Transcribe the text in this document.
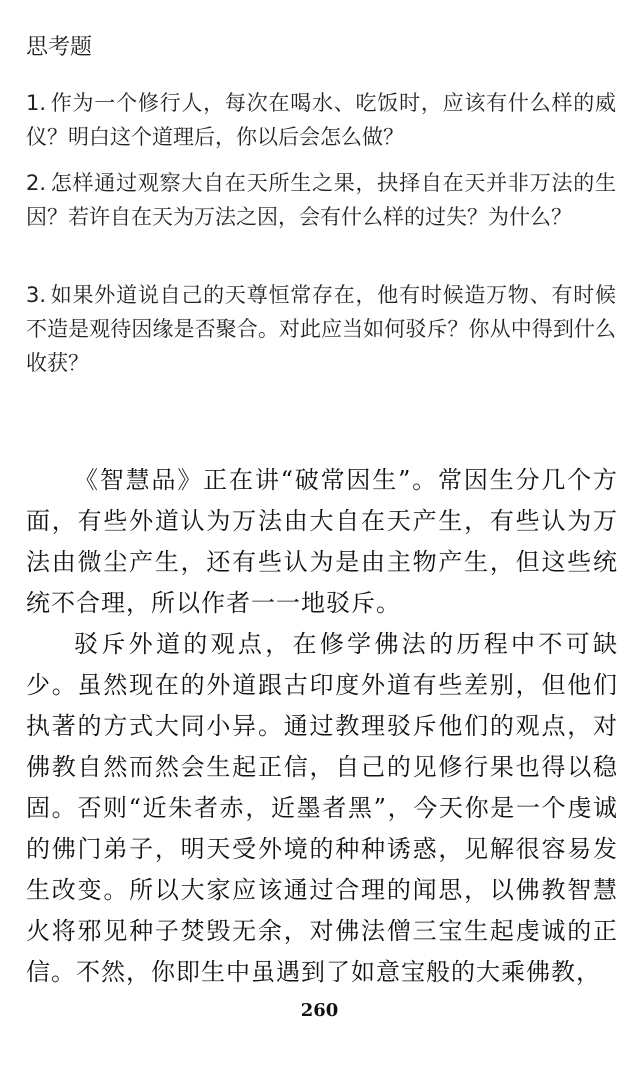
思考题
1. 作为一个修行人，每次在喝水、吃饭时，应该有什么样的威仪？明白这个道理后，你以后会怎么做？
2. 怎样通过观察大自在天所生之果，抉择自在天并非万法的生因？若许自在天为万法之因，会有什么样的过失？为什么？
3. 如果外道说自己的天尊恒常存在，他有时候造万物、有时候不造是观待因缘是否聚合。对此应当如何驳斥？你从中得到什么收获？

《智慧品》正在讲“破常因生”。常因生分几个方面，有些外道认为万法由大自在天产生，有些认为万法由微尘产生，还有些认为是由主物产生，但这些统统不合理，所以作者一一地驳斥。

驳斥外道的观点，在修学佛法的历程中不可缺少。虽然现在的外道跟古印度外道有些差别，但他们执著的方式大同小异。通过教理驳斥他们的观点，对佛教自然而然会生起正信，自己的见修行果也得以稳固。否则“近朱者赤，近墨者黑”，今天你是一个虔诚的佛门弟子，明天受外境的种种诱惑，见解很容易发生改变。所以大家应该通过合理的闻思，以佛教智慧火将邪见种子焚毁无余，对佛法僧三宝生起虔诚的正信。不然，你即生中虽遇到了如意宝般的大乘佛教，

260
